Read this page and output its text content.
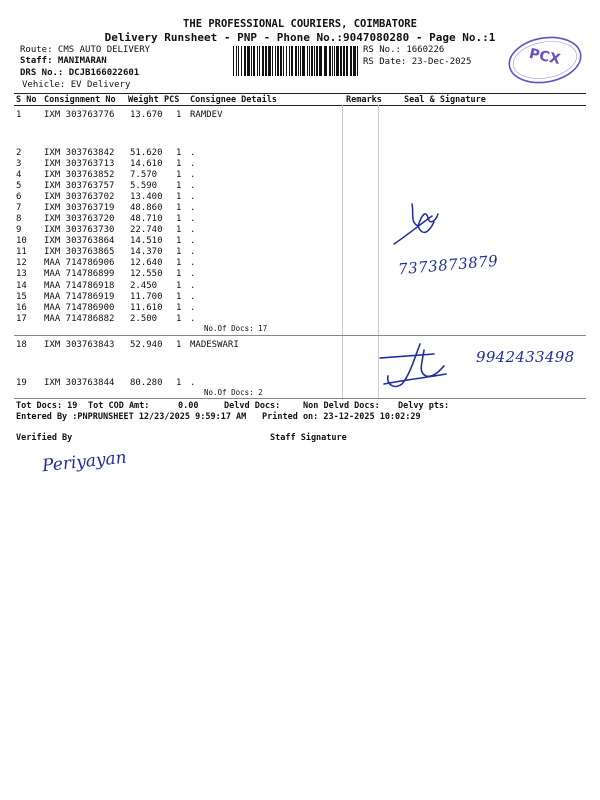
THE PROFESSIONAL COURIERS, COIMBATORE
Delivery Runsheet - PNP - Phone No.:9047080280 - Page No.:1
Route: CMS AUTO DELIVERY
Staff: MANIMARAN
DRS No.: DCJB166022601
Vehicle: EV Delivery
RS No.: 1660226
RS Date: 23-Dec-2025	PCX
S No Consignment No Weight PCS Consignee Details	Remarks	Seal & Signature
1	IXM 303763776 13.670 1 RAMDEV
2	IXM 303763842 51.620 1 .
3	IXM 303763713 14.610 1 .
4	IXM 303763852 7.570 1 .
5	IXM 303763757 5.590 1 .
6	IXM 303763702 13.400 1 .
7	IXM 303763719 48.860 1 .
8	IXM 303763720 48.710 1 .
9	IXM 303763730 22.740 1 .
10 IXM 303763864 14.510 1 .
11 IXM 303763865 14.370 1 .
12 MAA 714786906 12.640 1 .
13 MAA 714786899 12.550 1 .
14 MAA 714786918 2.450 1 .
15 MAA 714786919 11.700 1 .
16 MAA 714786900 11.610 1 .
17 MAA 714786882 2.500 1 .
No.Of Docs: 17
18 IXM 303763843 52.940 1 MADESWARI
19 IXM 303763844 80.280 1 .
No.Of Docs: 2
7373873879
9942433498
Tot Docs: 19 Tot COD Amt:	0.00	Delvd Docs:	Non Delvd Docs: Delvy pts:
Entered By :PNPRUNSHEET 12/23/2025 9:59:17 AM Printed on: 23-12-2025 10:02:29
Verified By	Staff Signature
Periyayan
